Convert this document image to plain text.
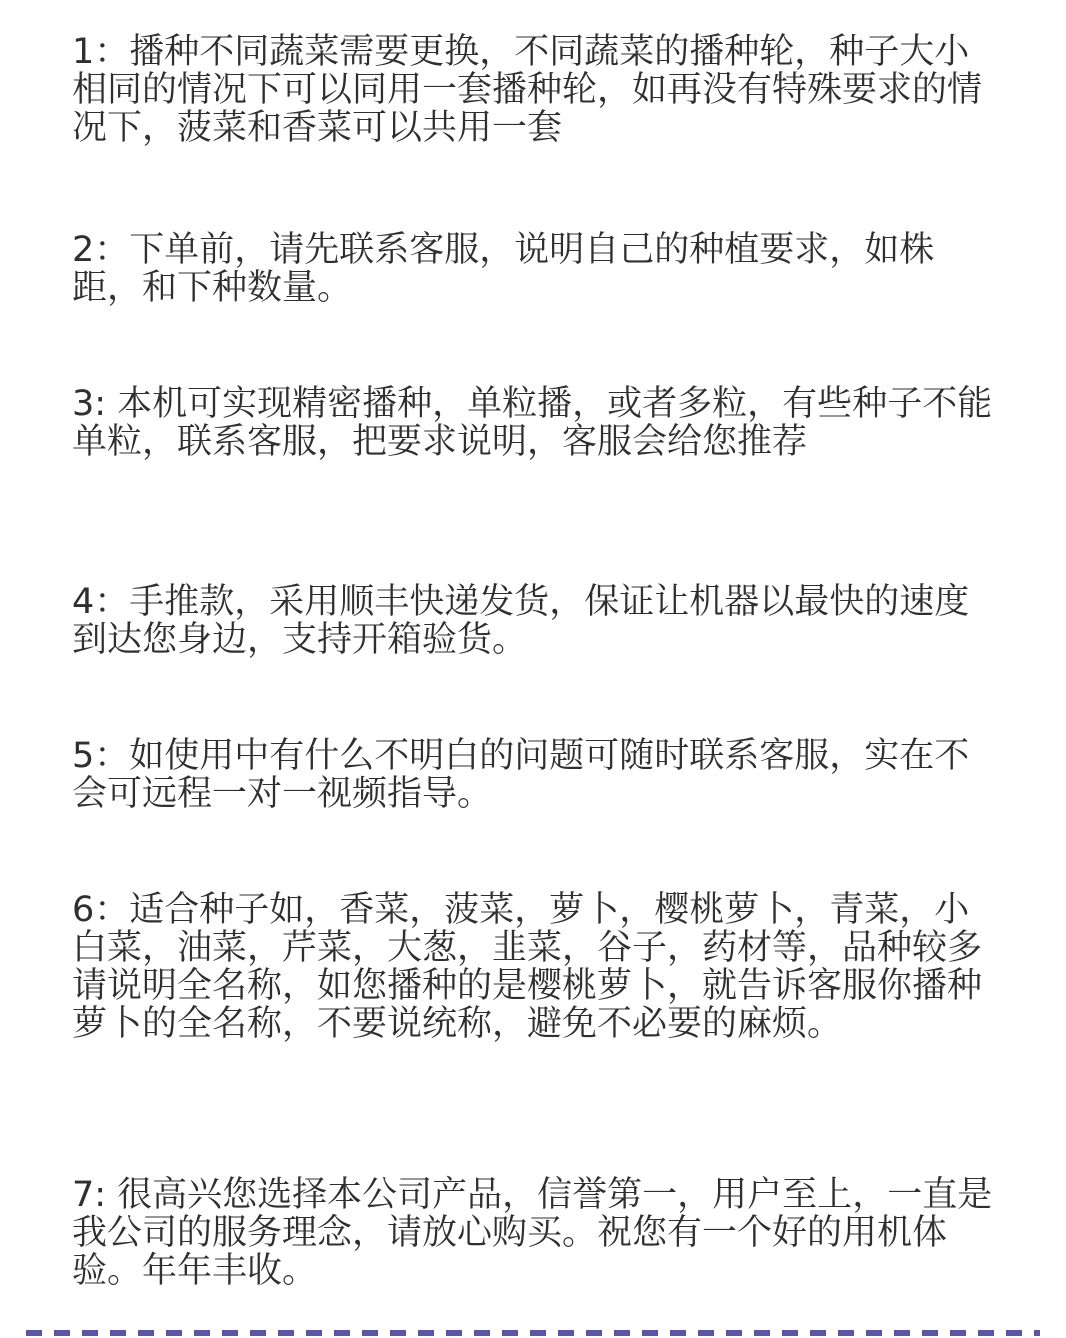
1：播种不同蔬菜需要更换，不同蔬菜的播种轮，种子大小相同的情况下可以同用一套播种轮，如再没有特殊要求的情况下，菠菜和香菜可以共用一套

2：下单前，请先联系客服，说明自己的种植要求，如株距，和下种数量。

3: 本机可实现精密播种，单粒播，或者多粒，有些种子不能单粒，联系客服，把要求说明，客服会给您推荐

4：手推款，采用顺丰快递发货，保证让机器以最快的速度到达您身边，支持开箱验货。

5：如使用中有什么不明白的问题可随时联系客服，实在不会可远程一对一视频指导。

6：适合种子如，香菜，菠菜，萝卜，樱桃萝卜，青菜，小白菜，油菜，芹菜，大葱，韭菜，谷子，药材等，品种较多请说明全名称，如您播种的是樱桃萝卜，就告诉客服你播种萝卜的全名称，不要说统称，避免不必要的麻烦。

7: 很高兴您选择本公司产品，信誉第一，用户至上，一直是我公司的服务理念，请放心购买。祝您有一个好的用机体验。年年丰收。
